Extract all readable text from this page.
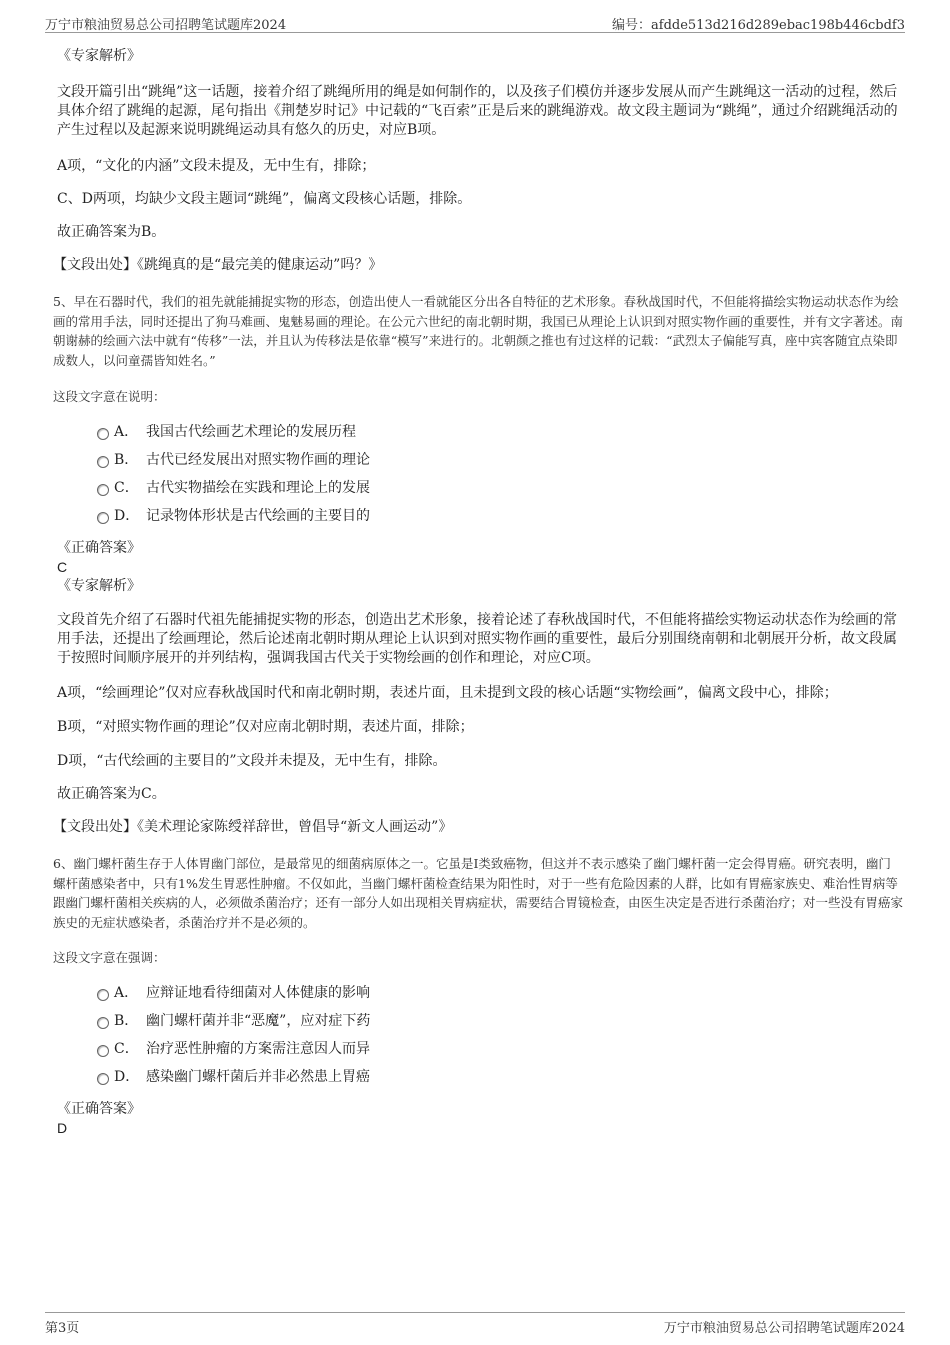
万宁市粮油贸易总公司招聘笔试题库2024	编号：afdde513d216d289ebac198b446cbdf3

《专家解析》

文段开篇引出“跳绳”这一话题，接着介绍了跳绳所用的绳是如何制作的，以及孩子们模仿并逐步发展从而产生跳绳这一活动的过程，然后具体介绍了跳绳的起源，尾句指出《荆楚岁时记》中记载的“飞百索”正是后来的跳绳游戏。故文段主题词为“跳绳”，通过介绍跳绳活动的产生过程以及起源来说明跳绳运动具有悠久的历史，对应B项。

A项，“文化的内涵”文段未提及，无中生有，排除；

C、D两项，均缺少文段主题词“跳绳”，偏离文段核心话题，排除。

故正确答案为B。

【文段出处】《跳绳真的是“最完美的健康运动”吗？》

5、早在石器时代，我们的祖先就能捕捉实物的形态，创造出使人一看就能区分出各自特征的艺术形象。春秋战国时代，不但能将描绘实物运动状态作为绘画的常用手法，同时还提出了狗马难画、鬼魅易画的理论。在公元六世纪的南北朝时期，我国已从理论上认识到对照实物作画的重要性，并有文字著述。南朝谢赫的绘画六法中就有“传移”一法，并且认为传移法是依靠“模写”来进行的。北朝颜之推也有过这样的记载：“武烈太子偏能写真，座中宾客随宜点染即成数人，以问童孺皆知姓名。”

这段文字意在说明：

A． 我国古代绘画艺术理论的发展历程
B． 古代已经发展出对照实物作画的理论
C． 古代实物描绘在实践和理论上的发展
D． 记录物体形状是古代绘画的主要目的

《正确答案》

C

《专家解析》

文段首先介绍了石器时代祖先能捕捉实物的形态，创造出艺术形象，接着论述了春秋战国时代，不但能将描绘实物运动状态作为绘画的常用手法，还提出了绘画理论，然后论述南北朝时期从理论上认识到对照实物作画的重要性，最后分别围绕南朝和北朝展开分析，故文段属于按照时间顺序展开的并列结构，强调我国古代关于实物绘画的创作和理论，对应C项。

A项，“绘画理论”仅对应春秋战国时代和南北朝时期，表述片面，且未提到文段的核心话题“实物绘画”，偏离文段中心，排除；

B项，“对照实物作画的理论”仅对应南北朝时期，表述片面，排除；

D项，“古代绘画的主要目的”文段并未提及，无中生有，排除。

故正确答案为C。

【文段出处】《美术理论家陈绶祥辞世，曾倡导“新文人画运动”》

6、幽门螺杆菌生存于人体胃幽门部位，是最常见的细菌病原体之一。它虽是I类致癌物，但这并不表示感染了幽门螺杆菌一定会得胃癌。研究表明，幽门螺杆菌感染者中，只有1%发生胃恶性肿瘤。不仅如此，当幽门螺杆菌检查结果为阳性时，对于一些有危险因素的人群，比如有胃癌家族史、难治性胃病等跟幽门螺杆菌相关疾病的人，必须做杀菌治疗；还有一部分人如出现相关胃病症状，需要结合胃镜检查，由医生决定是否进行杀菌治疗；对一些没有胃癌家族史的无症状感染者，杀菌治疗并不是必须的。

这段文字意在强调：

A． 应辩证地看待细菌对人体健康的影响
B． 幽门螺杆菌并非“恶魔”，应对症下药
C． 治疗恶性肿瘤的方案需注意因人而异
D． 感染幽门螺杆菌后并非必然患上胃癌

《正确答案》

D

第3页	万宁市粮油贸易总公司招聘笔试题库2024
